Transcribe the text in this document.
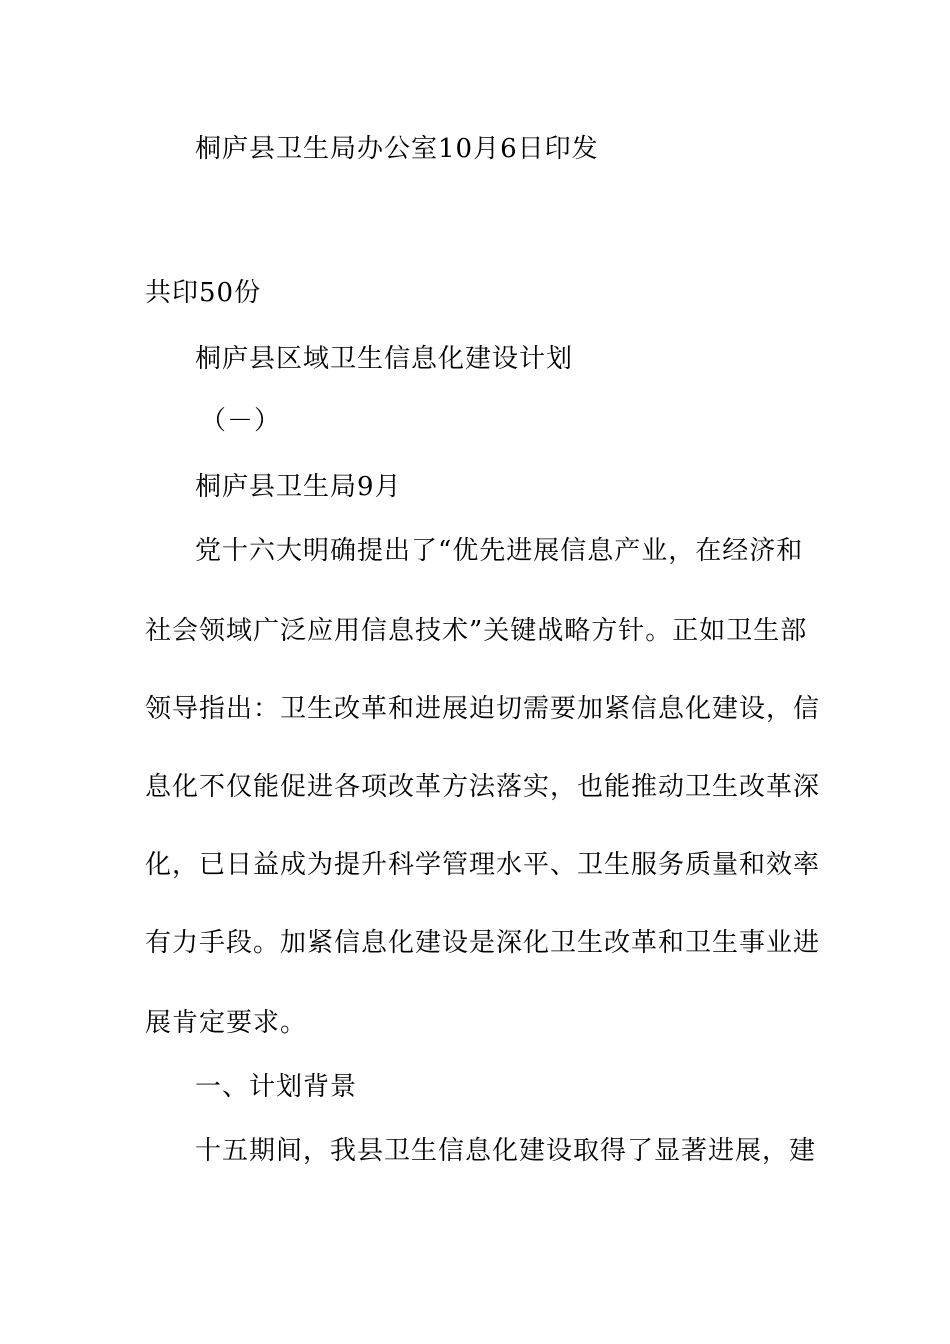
桐庐县卫生局办公室10月6日印发
共印50份
桐庐县区域卫生信息化建设计划
（－）
桐庐县卫生局9月
党十六大明确提出了“优先进展信息产业，在经济和
社会领域广泛应用信息技术”关键战略方针。正如卫生部
领导指出：卫生改革和进展迫切需要加紧信息化建设，信
息化不仅能促进各项改革方法落实，也能推动卫生改革深
化，已日益成为提升科学管理水平、卫生服务质量和效率
有力手段。加紧信息化建设是深化卫生改革和卫生事业进
展肯定要求。
一、计划背景
十五期间，我县卫生信息化建设取得了显著进展，建
